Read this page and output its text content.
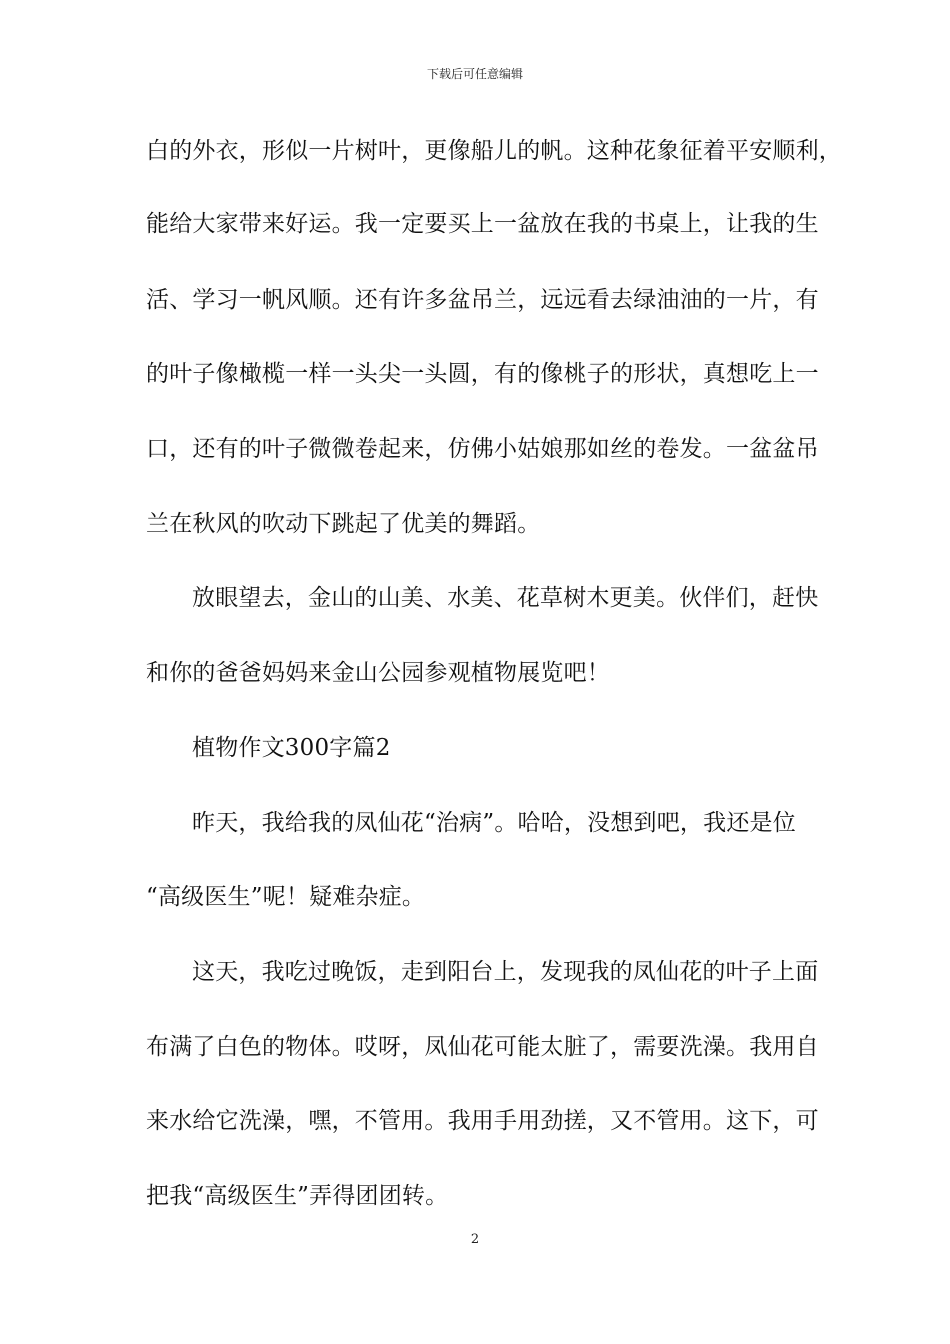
下载后可任意编辑
白的外衣，形似一片树叶，更像船儿的帆。这种花象征着平安顺利，
能给大家带来好运。我一定要买上一盆放在我的书桌上，让我的生
活、学习一帆风顺。还有许多盆吊兰，远远看去绿油油的一片，有
的叶子像橄榄一样一头尖一头圆，有的像桃子的形状，真想吃上一
口，还有的叶子微微卷起来，仿佛小姑娘那如丝的卷发。一盆盆吊
兰在秋风的吹动下跳起了优美的舞蹈。
放眼望去，金山的山美、水美、花草树木更美。伙伴们，赶快
和你的爸爸妈妈来金山公园参观植物展览吧！
植物作文300字篇2
昨天，我给我的凤仙花“治病”。哈哈，没想到吧，我还是位
“高级医生”呢！疑难杂症。
这天，我吃过晚饭，走到阳台上，发现我的凤仙花的叶子上面
布满了白色的物体。哎呀，凤仙花可能太脏了，需要洗澡。我用自
来水给它洗澡，嘿，不管用。我用手用劲搓，又不管用。这下，可
把我“高级医生”弄得团团转。
2
